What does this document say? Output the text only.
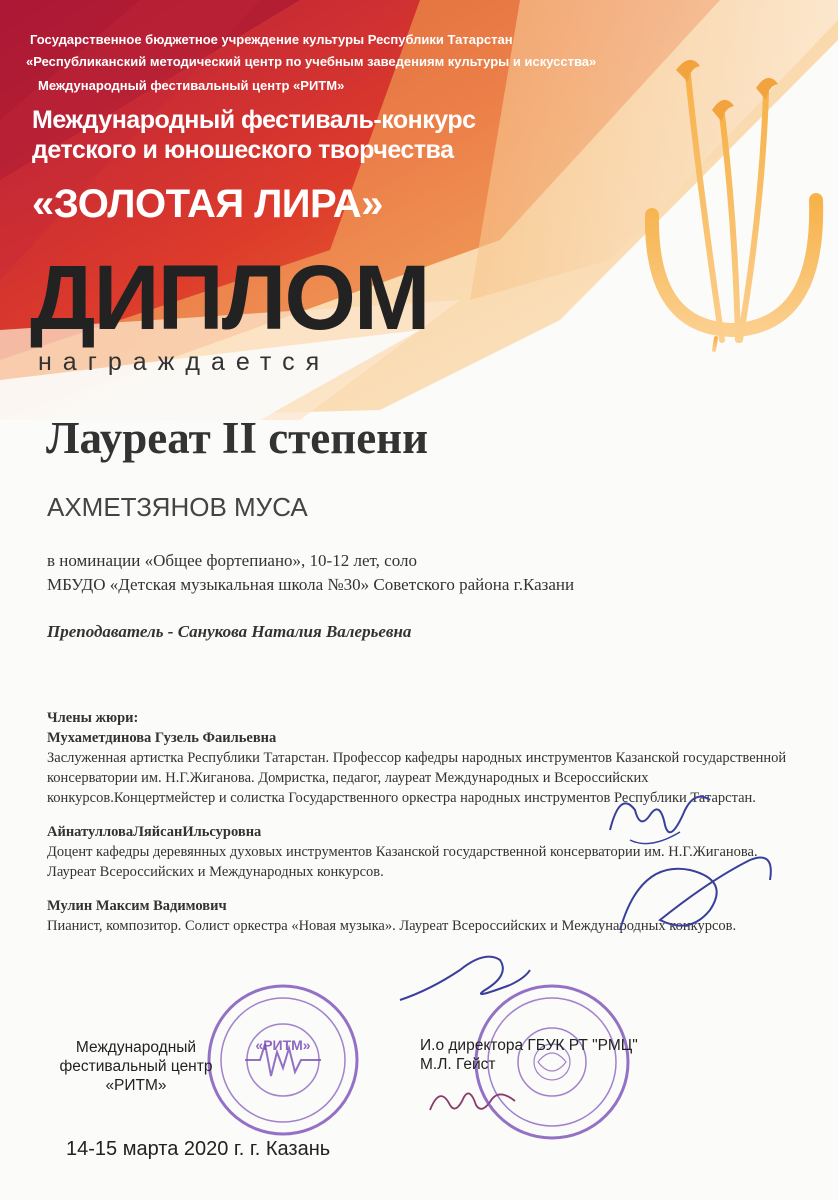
Государственное бюджетное учреждение культуры Республики Татарстан
«Республиканский методический центр по учебным заведениям культуры и искусства»
Международный фестивальный центр «РИТМ»
Международный фестиваль-конкурс
детского и юношеского творчества
«ЗОЛОТАЯ ЛИРА»
ДИПЛОМ
награждается
Лауреат II степени
АХМЕТЗЯНОВ МУСА
в номинации «Общее фортепиано», 10-12 лет, соло
МБУДО «Детская музыкальная школа №30» Советского района г.Казани
Преподаватель - Санукова Наталия Валерьевна

Члены жюри:

Мухаметдинова Гузель Фаильевна

Заслуженная артистка Республики Татарстан. Профессор кафедры народных инструментов Казанской государственной консерватории им. Н.Г.Жиганова. Домристка, педагог, лауреат Международных и Всероссийских конкурсов.Концертмейстер и солистка Государственного оркестра народных инструментов Республики Татарстан.

АйнатулловаЛяйсанИльсуровна

Доцент кафедры деревянных духовых инструментов Казанской государственной консерватории им. Н.Г.Жиганова. Лауреат Всероссийских и Международных конкурсов.

Мулин Максим Вадимович

Пианист, композитор. Солист оркестра «Новая музыка». Лауреат Всероссийских и Международных конкурсов.

«РИТМ»
Международный
фестивальный центр
«РИТМ»
И.о директора ГБУК РТ "РМЦ"
М.Л. Гейст
14-15 марта 2020 г. г. Казань
